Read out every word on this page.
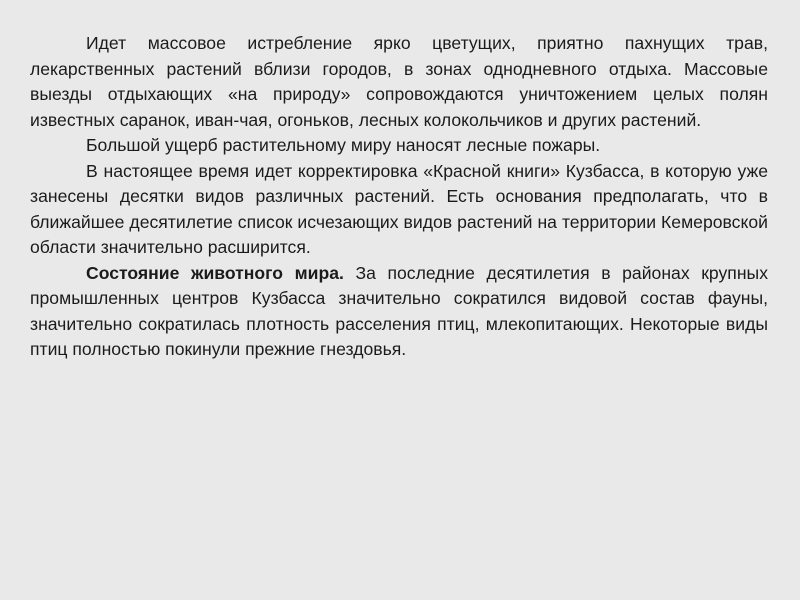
Идет массовое истребление ярко цветущих, приятно пахнущих трав, лекарственных растений вблизи городов, в зонах однодневного отдыха. Массовые выезды отдыхающих «на природу» сопровождаются уничтожением целых полян известных саранок, иван-чая, огоньков, лесных колокольчиков и других растений.

Большой ущерб растительному миру наносят лесные пожары.

В настоящее время идет корректировка «Красной книги» Кузбасса, в которую уже занесены десятки видов различных растений. Есть основания предполагать, что в ближайшее десятилетие список исчезающих видов растений на территории Кемеровской области значительно расширится.

Состояние животного мира. За последние десятилетия в районах крупных промышленных центров Кузбасса значительно сократился видовой состав фауны, значительно сократилась плотность расселения птиц, млекопитающих. Некоторые виды птиц полностью покинули прежние гнездовья.
